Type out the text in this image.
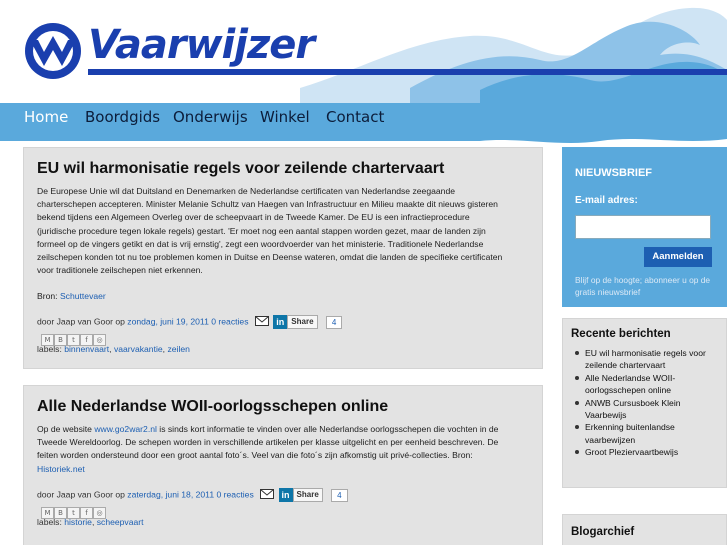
Vaarwijzer
Home Boordgids Onderwijs Winkel Contact
EU wil harmonisatie regels voor zeilende chartervaart
De Europese Unie wil dat Duitsland en Denemarken de Nederlandse certificaten van Nederlandse zeegaande
charterschepen accepteren. Minister Melanie Schultz van Haegen van Infrastructuur en Milieu maakte dit nieuws gisteren
bekend tijdens een Algemeen Overleg over de scheepvaart in de Tweede Kamer. De EU is een infractieprocedure
(juridische procedure tegen lokale regels) gestart. 'Er moet nog een aantal stappen worden gezet, maar de landen zijn
formeel op de vingers getikt en dat is vrij ernstig', zegt een woordvoerder van het ministerie. Traditionele Nederlandse
zeilschepen konden tot nu toe problemen komen in Duitse en Deense wateren, omdat die landen de specifieke certificaten
voor traditionele zeilschepen niet erkennen.
Bron: Schuttevaer
door Jaap van Goor op zondag, juni 19, 2011 0 reacties	in Share 4
M B t f ◎
labels: binnenvaart, vaarvakantie, zeilen
Alle Nederlandse WOII-oorlogsschepen online
Op de website www.go2war2.nl is sinds kort informatie te vinden over alle Nederlandse oorlogsschepen die vochten in de
Tweede Wereldoorlog. De schepen worden in verschillende artikelen per klasse uitgelicht en per eenheid beschreven. De
feiten worden ondersteund door een groot aantal foto´s. Veel van die foto´s zijn afkomstig uit privé-collecties. Bron:
Historiek.net
door Jaap van Goor op zaterdag, juni 18, 2011 0 reacties	in Share 4
M B t f ◎
labels: historie, scheepvaart
NIEUWSBRIEF
E-mail adres:
Aanmelden
Blijf op de hoogte; abonneer u op de gratis nieuwsbrief
Recente berichten
EU wil harmonisatie regels voor zeilende chartervaart
Alle Nederlandse WOII-oorlogsschepen online
ANWB Cursusboek Klein Vaarbewijs
Erkenning buitenlandse vaarbewijzen
Groot Pleziervaartbewijs
Blogarchief
